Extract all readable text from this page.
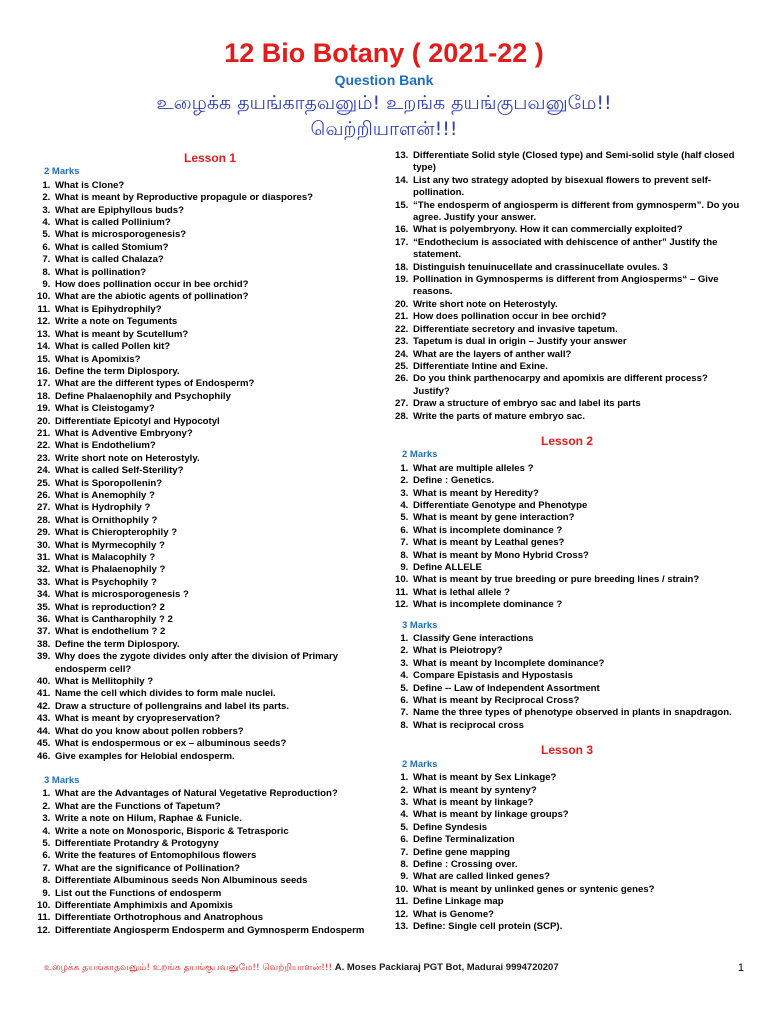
12 Bio Botany ( 2021-22 )
Question Bank
உழைக்க தயங்காதவனும்! உறங்க தயங்குபவனுமே!!
வெற்றியாளன்!!!
Lesson 1
2 Marks
1. What is Clone?
2. What is meant by Reproductive propagule or diaspores?
3. What are Epiphyllous buds?
4. What is called Pollinium?
5. What is microsporogenesis?
6. What is called Stomium?
7. What is called Chalaza?
8. What is pollination?
9. How does pollination occur in bee orchid?
10. What are the abiotic agents of pollination?
11. What is Epihydrophily?
12. Write a note on Teguments
13. What is meant by Scutellum?
14. What is called Pollen kit?
15. What is Apomixis?
16. Define the term Diplospory.
17. What are the different types of Endosperm?
18. Define Phalaenophily and Psychophily
19. What is Cleistogamy?
20. Differentiate Epicotyl and Hypocotyl
21. What is Adventive Embryony?
22. What is Endothelium?
23. Write short note on Heterostyly.
24. What is called Self-Sterility?
25. What is Sporopollenin?
26. What is Anemophily ?
27. What is Hydrophily ?
28. What is Ornithophily ?
29. What is Chieropterophily ?
30. What is Myrmecophily ?
31. What is Malacophily ?
32. What is Phalaenophily ?
33. What is Psychophily ?
34. What is microsporogenesis ?
35. What is reproduction? 2
36. What is Cantharophily ? 2
37. What is endothelium ? 2
38. Define the term Diplospory.
39. Why does the zygote divides only after the division of Primary endosperm cell?
40. What is Mellitophily ?
41. Name the cell which divides to form male nuclei.
42. Draw a structure of pollengrains and label its parts.
43. What is meant by cryopreservation?
44. What do you know about pollen robbers?
45. What is endospermous or ex – albuminous seeds?
46. Give examples for Helobial endosperm.
3 Marks
1. What are the Advantages of Natural Vegetative Reproduction?
2. What are the Functions of Tapetum?
3. Write a note on Hilum, Raphae & Funicle.
4. Write a note on Monosporic, Bisporic & Tetrasporic
5. Differentiate Protandry & Protogyny
6. Write the features of Entomophilous flowers
7. What are the significance of Pollination?
8. Differentiate Albuminous seeds Non Albuminous seeds
9. List out the Functions of endosperm
10. Differentiate Amphimixis and Apomixis
11. Differentiate Orthotrophous and Anatrophous
12. Differentiate Angiosperm Endosperm and Gymnosperm Endosperm
13. Differentiate Solid style (Closed type) and Semi-solid style (half closed type)
14. List any two strategy adopted by bisexual flowers to prevent self-pollination.
15. “The endosperm of angiosperm is different from gymnosperm”. Do you agree. Justify your answer.
16. What is polyembryony. How it can commercially exploited?
17. “Endothecium is associated with dehiscence of anther” Justify the statement.
18. Distinguish tenuinucellate and crassinucellate ovules. 3
19. Pollination in Gymnosperms is different from Angiosperms“ – Give reasons.
20. Write short note on Heterostyly.
21. How does pollination occur in bee orchid?
22. Differentiate secretory and invasive tapetum.
23. Tapetum is dual in origin – Justify your answer
24. What are the layers of anther wall?
25. Differentiate Intine and Exine.
26. Do you think parthenocarpy and apomixis are different process? Justify?
27. Draw a structure of embryo sac and label its parts
28. Write the parts of mature embryo sac.
Lesson 2
2 Marks
1. What are multiple alleles ?
2. Define : Genetics.
3. What is meant by Heredity?
4. Differentiate Genotype and Phenotype
5. What is meant by gene interaction?
6. What is incomplete dominance ?
7. What is meant by Leathal genes?
8. What is meant by Mono Hybrid Cross?
9. Define ALLELE
10. What is meant by true breeding or pure breeding lines / strain?
11. What is lethal allele ?
12. What is incomplete dominance ?
3 Marks
1. Classify Gene interactions
2. What is Pleiotropy?
3. What is meant by Incomplete dominance?
4. Compare Epistasis and Hypostasis
5. Define -- Law of Independent Assortment
6. What is meant by Reciprocal Cross?
7. Name the three types of phenotype observed in plants in snapdragon.
8. What is reciprocal cross
Lesson 3
2 Marks
1. What is meant by Sex Linkage?
2. What is meant by synteny?
3. What is meant by linkage?
4. What is meant by linkage groups?
5. Define Syndesis
6. Define Terminalization
7. Define gene mapping
8. Define : Crossing over.
9. What are called linked genes?
10. What is meant by unlinked genes or syntenic genes?
11. Define Linkage map
12. What is Genome?
13. Define: Single cell protein (SCP).
உழைக்க தயங்காதவனும்! உறங்க தயங்குபவனுமே!! வெற்றியாளன்!!! A. Moses Packiaraj PGT Bot, Madurai 9994720207	1
